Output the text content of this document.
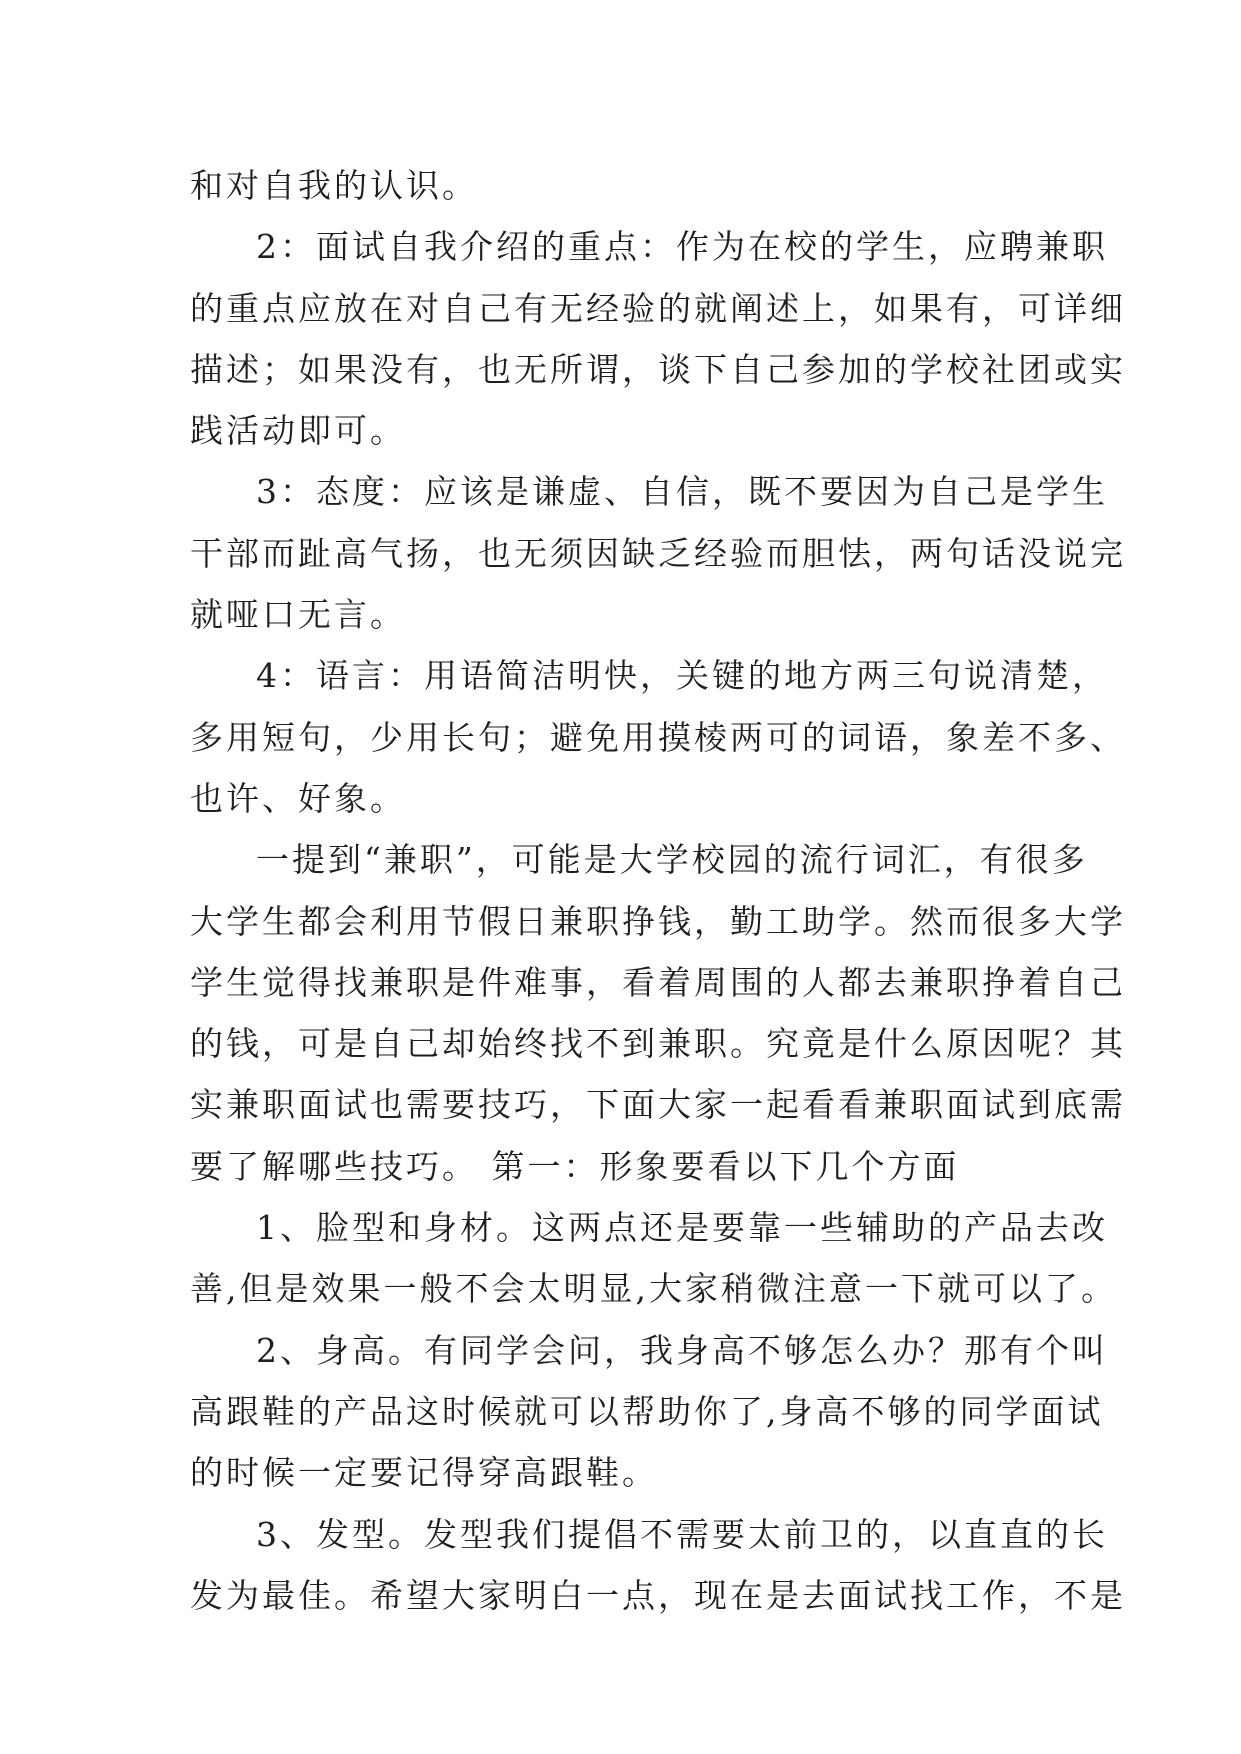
和对自我的认识。
2：面试自我介绍的重点：作为在校的学生，应聘兼职
的重点应放在对自己有无经验的就阐述上，如果有，可详细
描述；如果没有，也无所谓，谈下自己参加的学校社团或实
践活动即可。
3：态度：应该是谦虚、自信，既不要因为自己是学生
干部而趾高气扬，也无须因缺乏经验而胆怯，两句话没说完
就哑口无言。
4：语言：用语简洁明快，关键的地方两三句说清楚，
多用短句，少用长句；避免用摸棱两可的词语，象差不多、
也许、好象。
一提到“兼职”，可能是大学校园的流行词汇，有很多
大学生都会利用节假日兼职挣钱，勤工助学。然而很多大学
学生觉得找兼职是件难事，看着周围的人都去兼职挣着自己
的钱，可是自己却始终找不到兼职。究竟是什么原因呢？其
实兼职面试也需要技巧，下面大家一起看看兼职面试到底需
要了解哪些技巧。 第一：形象要看以下几个方面
1、脸型和身材。这两点还是要靠一些辅助的产品去改
善,但是效果一般不会太明显,大家稍微注意一下就可以了。
2、身高。有同学会问，我身高不够怎么办？那有个叫
高跟鞋的产品这时候就可以帮助你了,身高不够的同学面试
的时候一定要记得穿高跟鞋。
3、发型。发型我们提倡不需要太前卫的，以直直的长
发为最佳。希望大家明白一点，现在是去面试找工作，不是
